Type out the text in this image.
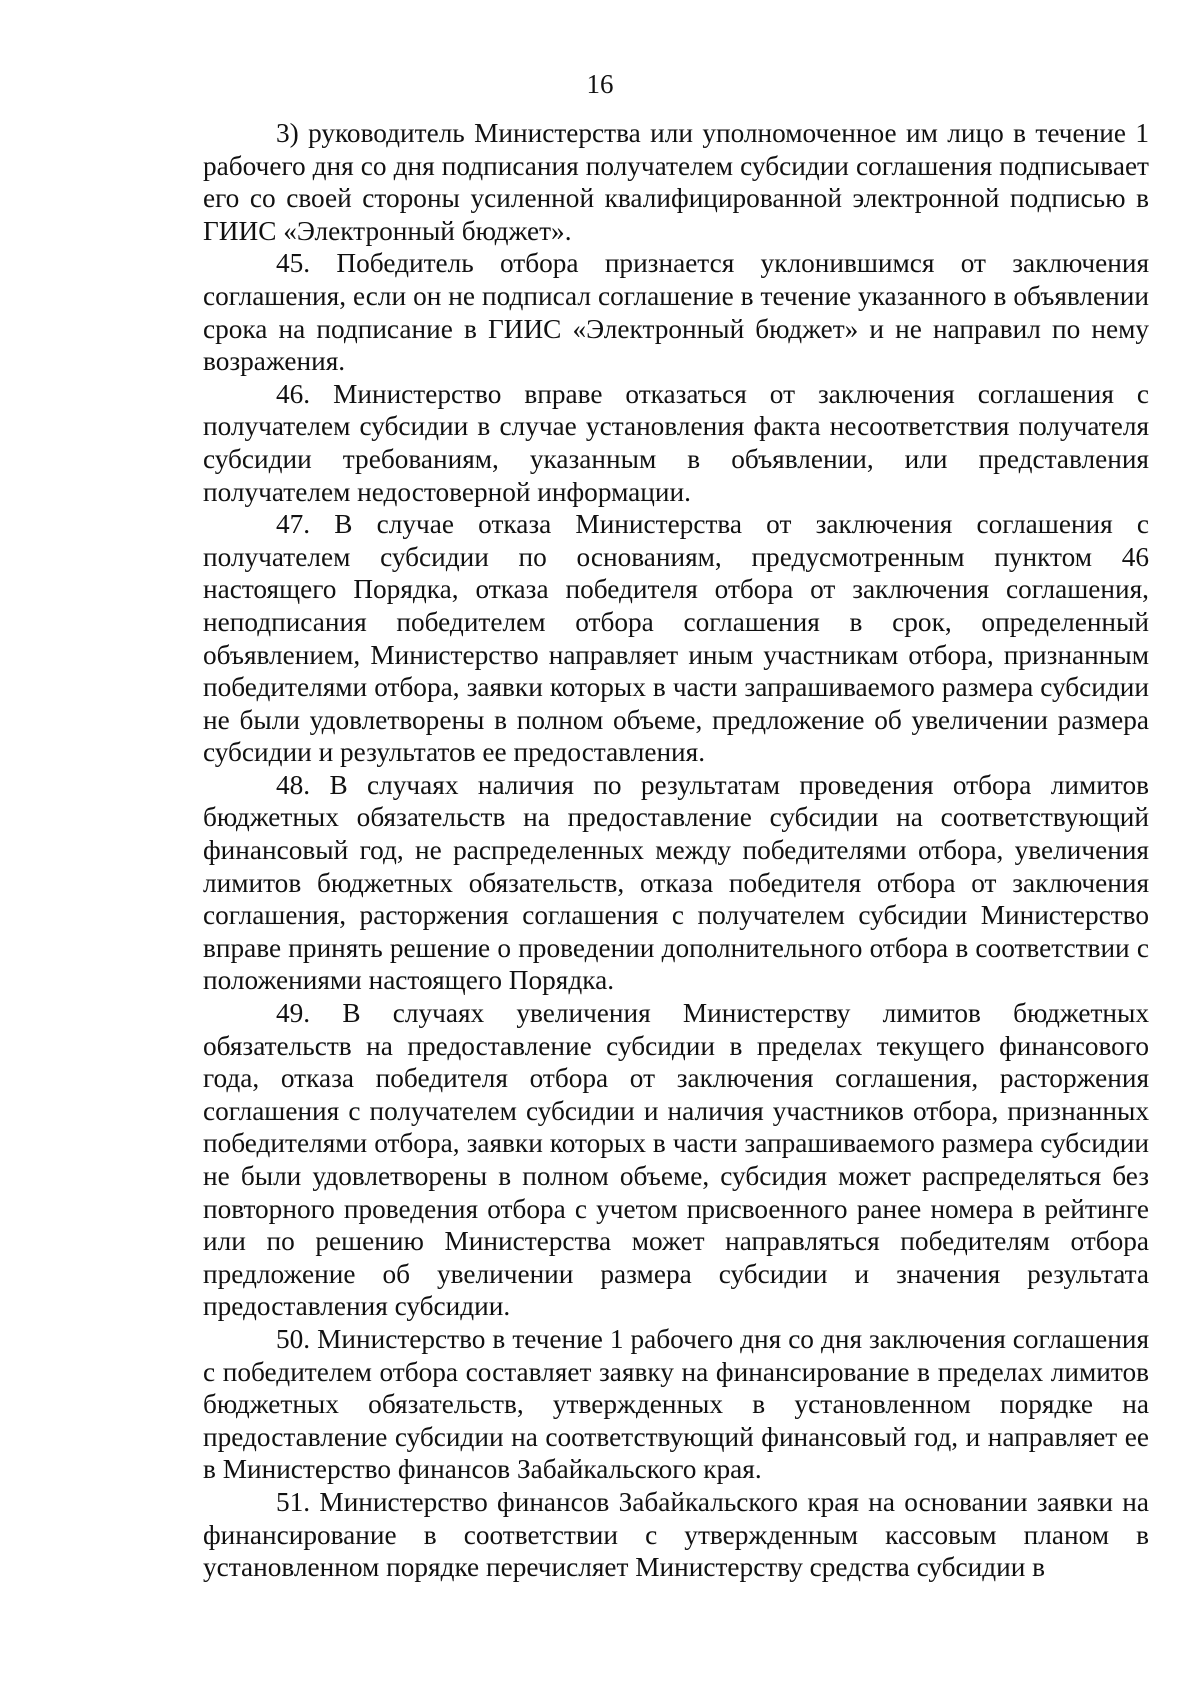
16

3) руководитель Министерства или уполномоченное им лицо в течение 1 рабочего дня со дня подписания получателем субсидии соглашения подписывает его со своей стороны усиленной квалифицированной электронной подписью в ГИИС «Электронный бюджет».

45. Победитель отбора признается уклонившимся от заключения соглашения, если он не подписал соглашение в течение указанного в объявлении срока на подписание в ГИИС «Электронный бюджет» и не направил по нему возражения.

46. Министерство вправе отказаться от заключения соглашения с получателем субсидии в случае установления факта несоответствия получателя субсидии требованиям, указанным в объявлении, или представления получателем недостоверной информации.

47. В случае отказа Министерства от заключения соглашения с получателем субсидии по основаниям, предусмотренным пунктом 46 настоящего Порядка, отказа победителя отбора от заключения соглашения, неподписания победителем отбора соглашения в срок, определенный объявлением, Министерство направляет иным участникам отбора, признанным победителями отбора, заявки которых в части запрашиваемого размера субсидии не были удовлетворены в полном объеме, предложение об увеличении размера субсидии и результатов ее предоставления.

48. В случаях наличия по результатам проведения отбора лимитов бюджетных обязательств на предоставление субсидии на соответствующий финансовый год, не распределенных между победителями отбора, увеличения лимитов бюджетных обязательств, отказа победителя отбора от заключения соглашения, расторжения соглашения с получателем субсидии Министерство вправе принять решение о проведении дополнительного отбора в соответствии с положениями настоящего Порядка.

49. В случаях увеличения Министерству лимитов бюджетных обязательств на предоставление субсидии в пределах текущего финансового года, отказа победителя отбора от заключения соглашения, расторжения соглашения с получателем субсидии и наличия участников отбора, признанных победителями отбора, заявки которых в части запрашиваемого размера субсидии не были удовлетворены в полном объеме, субсидия может распределяться без повторного проведения отбора с учетом присвоенного ранее номера в рейтинге или по решению Министерства может направляться победителям отбора предложение об увеличении размера субсидии и значения результата предоставления субсидии.

50. Министерство в течение 1 рабочего дня со дня заключения соглашения с победителем отбора составляет заявку на финансирование в пределах лимитов бюджетных обязательств, утвержденных в установленном порядке на предоставление субсидии на соответствующий финансовый год, и направляет ее в Министерство финансов Забайкальского края.

51. Министерство финансов Забайкальского края на основании заявки на финансирование в соответствии с утвержденным кассовым планом в установленном порядке перечисляет Министерству средства субсидии в
